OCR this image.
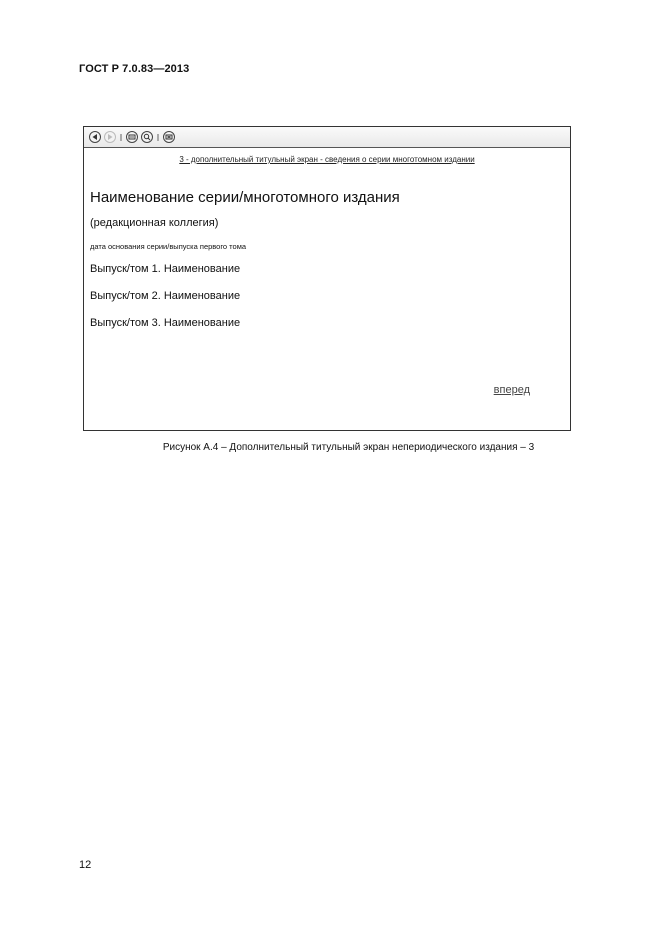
ГОСТ Р 7.0.83—2013
3 - дополнительный титульный экран - сведения о серии многотомном издании
Наименование серии/многотомного издания
(редакционная коллегия)
дата основания серии/выпуска первого тома
Выпуск/том 1. Наименование
Выпуск/том 2. Наименование
Выпуск/том 3. Наименование
вперед
Рисунок А.4 – Дополнительный титульный экран непериодического издания – 3
12
